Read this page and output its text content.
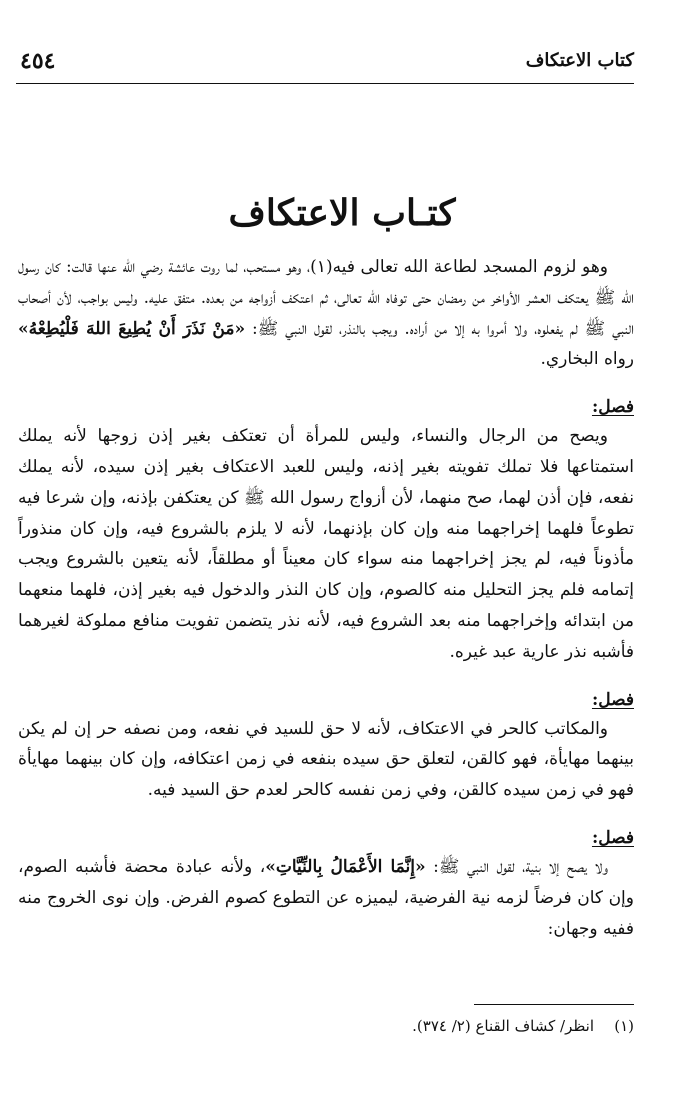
كتاب الاعتكاف
٤٥٤
كتـاب الاعتكاف

وهو لزوم المسجد لطاعة الله تعالى فيه(١)، وهو مستحب، لما روت عائشة رضي الله عنها قالت: كان رسول الله ﷺ يعتكف العشر الأواخر من رمضان حتى توفاه الله تعالى، ثم اعتكف أزواجه من بعده. متفق عليه. وليس بواجب، لأن أصحاب النبي ﷺ لم يفعلوه، ولا أمروا به إلا من أراده. ويجب بالنذر، لقول النبي ﷺ: «مَنْ نَذَرَ أَنْ يُطِيعَ اللهَ فَلْيُطِعْهُ» رواه البخاري.

فصل:

ويصح من الرجال والنساء، وليس للمرأة أن تعتكف بغير إذن زوجها لأنه يملك استمتاعها فلا تملك تفويته بغير إذنه، وليس للعبد الاعتكاف بغير إذن سيده، لأنه يملك نفعه، فإن أذن لهما، صح منهما، لأن أزواج رسول الله ﷺ كن يعتكفن بإذنه، وإن شرعا فيه تطوعاً فلهما إخراجهما منه وإن كان بإذنهما، لأنه لا يلزم بالشروع فيه، وإن كان منذوراً مأذوناً فيه، لم يجز إخراجهما منه سواء كان معيناً أو مطلقاً، لأنه يتعين بالشروع ويجب إتمامه فلم يجز التحليل منه كالصوم، وإن كان النذر والدخول فيه بغير إذن، فلهما منعهما من ابتدائه وإخراجهما منه بعد الشروع فيه، لأنه نذر يتضمن تفويت منافع مملوكة لغيرهما فأشبه نذر عارية عبد غيره.

فصل:

والمكاتب كالحر في الاعتكاف، لأنه لا حق للسيد في نفعه، ومن نصفه حر إن لم يكن بينهما مهايأة، فهو كالقن، لتعلق حق سيده بنفعه في زمن اعتكافه، وإن كان بينهما مهايأة فهو في زمن سيده كالقن، وفي زمن نفسه كالحر لعدم حق السيد فيه.

فصل:

ولا يصح إلا بنية، لقول النبي ﷺ: «إِنَّمَا الأَعْمَالُ بِالنِّيَّاتِ»، ولأنه عبادة محضة فأشبه الصوم، وإن كان فرضاً لزمه نية الفرضية، ليميزه عن التطوع كصوم الفرض. وإن نوى الخروج منه ففيه وجهان:

(١)انظر/ كشاف القناع (٢/ ٣٧٤).
